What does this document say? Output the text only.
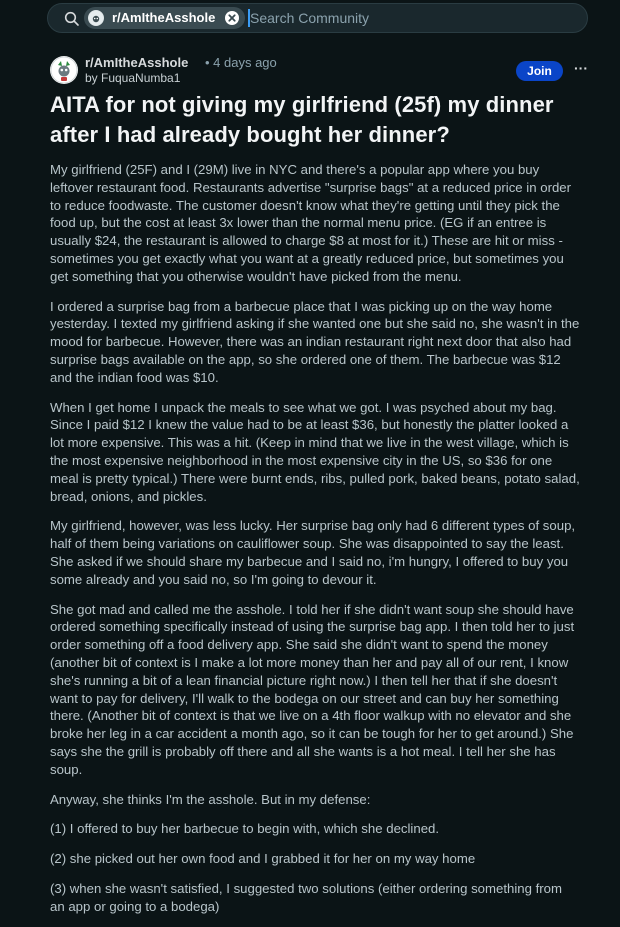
r/AmItheAsshole
Search Community
r/AmItheAsshole • 4 days ago
by FuquaNumba1	Join	···
AITA for not giving my girlfriend (25f) my dinner after I had already bought her dinner?

My girlfriend (25F) and I (29M) live in NYC and there's a popular app where you buy leftover restaurant food. Restaurants advertise "surprise bags" at a reduced price in order to reduce foodwaste. The customer doesn't know what they're getting until they pick the food up, but the cost at least 3x lower than the normal menu price. (EG if an entree is usually $24, the restaurant is allowed to charge $8 at most for it.) These are hit or miss - sometimes you get exactly what you want at a greatly reduced price, but sometimes you get something that you otherwise wouldn't have picked from the menu.

I ordered a surprise bag from a barbecue place that I was picking up on the way home yesterday. I texted my girlfriend asking if she wanted one but she said no, she wasn't in the mood for barbecue. However, there was an indian restaurant right next door that also had surprise bags available on the app, so she ordered one of them. The barbecue was $12 and the indian food was $10.

When I get home I unpack the meals to see what we got. I was psyched about my bag. Since I paid $12 I knew the value had to be at least $36, but honestly the platter looked a lot more expensive. This was a hit. (Keep in mind that we live in the west village, which is the most expensive neighborhood in the most expensive city in the US, so $36 for one meal is pretty typical.) There were burnt ends, ribs, pulled pork, baked beans, potato salad, bread, onions, and pickles.

My girlfriend, however, was less lucky. Her surprise bag only had 6 different types of soup, half of them being variations on cauliflower soup. She was disappointed to say the least. She asked if we should share my barbecue and I said no, i'm hungry, I offered to buy you some already and you said no, so I'm going to devour it.

She got mad and called me the asshole. I told her if she didn't want soup she should have ordered something specifically instead of using the surprise bag app. I then told her to just order something off a food delivery app. She said she didn't want to spend the money (another bit of context is I make a lot more money than her and pay all of our rent, I know she's running a bit of a lean financial picture right now.) I then tell her that if she doesn't want to pay for delivery, I'll walk to the bodega on our street and can buy her something there. (Another bit of context is that we live on a 4th floor walkup with no elevator and she broke her leg in a car accident a month ago, so it can be tough for her to get around.) She says she the grill is probably off there and all she wants is a hot meal. I tell her she has soup.

Anyway, she thinks I'm the asshole. But in my defense:

(1) I offered to buy her barbecue to begin with, which she declined.

(2) she picked out her own food and I grabbed it for her on my way home

(3) when she wasn't satisfied, I suggested two solutions (either ordering something from an app or going to a bodega)
